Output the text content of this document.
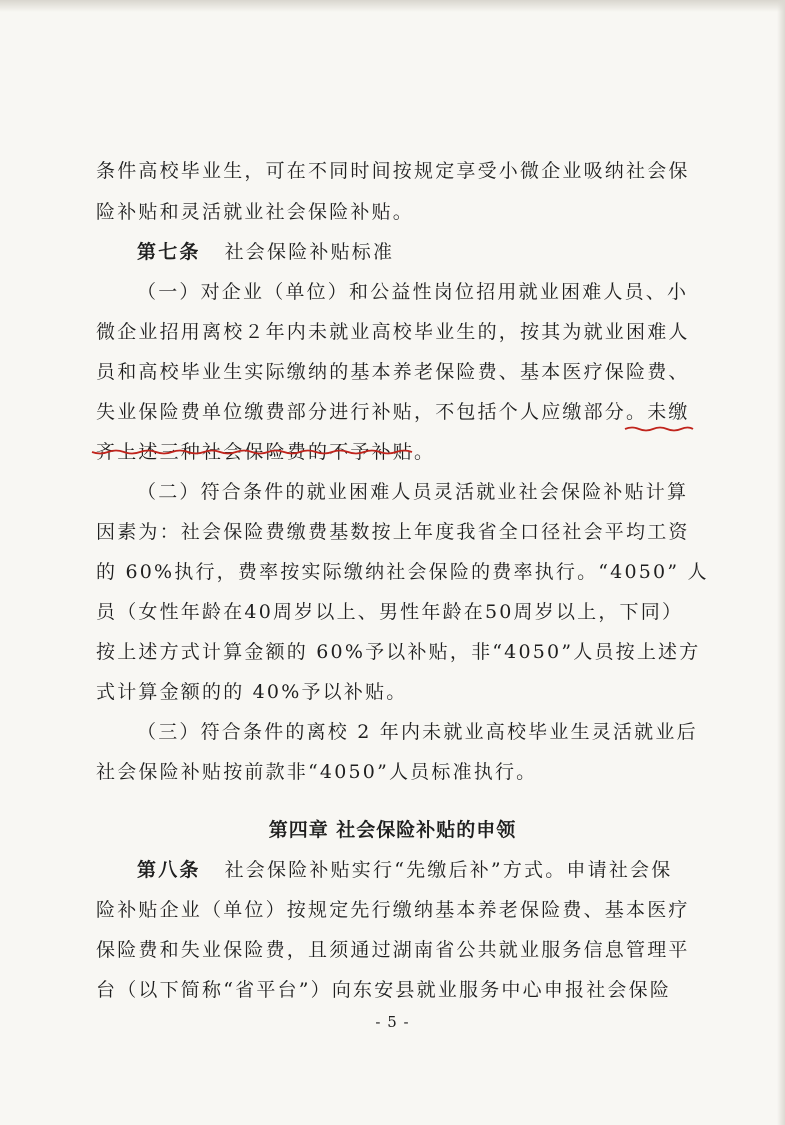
条件高校毕业生，可在不同时间按规定享受小微企业吸纳社会保
险补贴和灵活就业社会保险补贴。
第七条 社会保险补贴标准
（一）对企业（单位）和公益性岗位招用就业困难人员、小
微企业招用离校２年内未就业高校毕业生的，按其为就业困难人
员和高校毕业生实际缴纳的基本养老保险费、基本医疗保险费、
失业保险费单位缴费部分进行补贴，不包括个人应缴部分。未缴
齐上述三种社会保险费的不予补贴。
（二）符合条件的就业困难人员灵活就业社会保险补贴计算
因素为：社会保险费缴费基数按上年度我省全口径社会平均工资
的 60%执行，费率按实际缴纳社会保险的费率执行。“4050” 人
员（女性年龄在40周岁以上、男性年龄在50周岁以上，下同）
按上述方式计算金额的 60%予以补贴，非“4050”人员按上述方
式计算金额的的 40%予以补贴。
（三）符合条件的离校 2 年内未就业高校毕业生灵活就业后
社会保险补贴按前款非“4050”人员标准执行。
第四章 社会保险补贴的申领
第八条 社会保险补贴实行“先缴后补”方式。申请社会保
险补贴企业（单位）按规定先行缴纳基本养老保险费、基本医疗
保险费和失业保险费，且须通过湖南省公共就业服务信息管理平
台（以下简称“省平台”）向东安县就业服务中心申报社会保险
- 5 -
